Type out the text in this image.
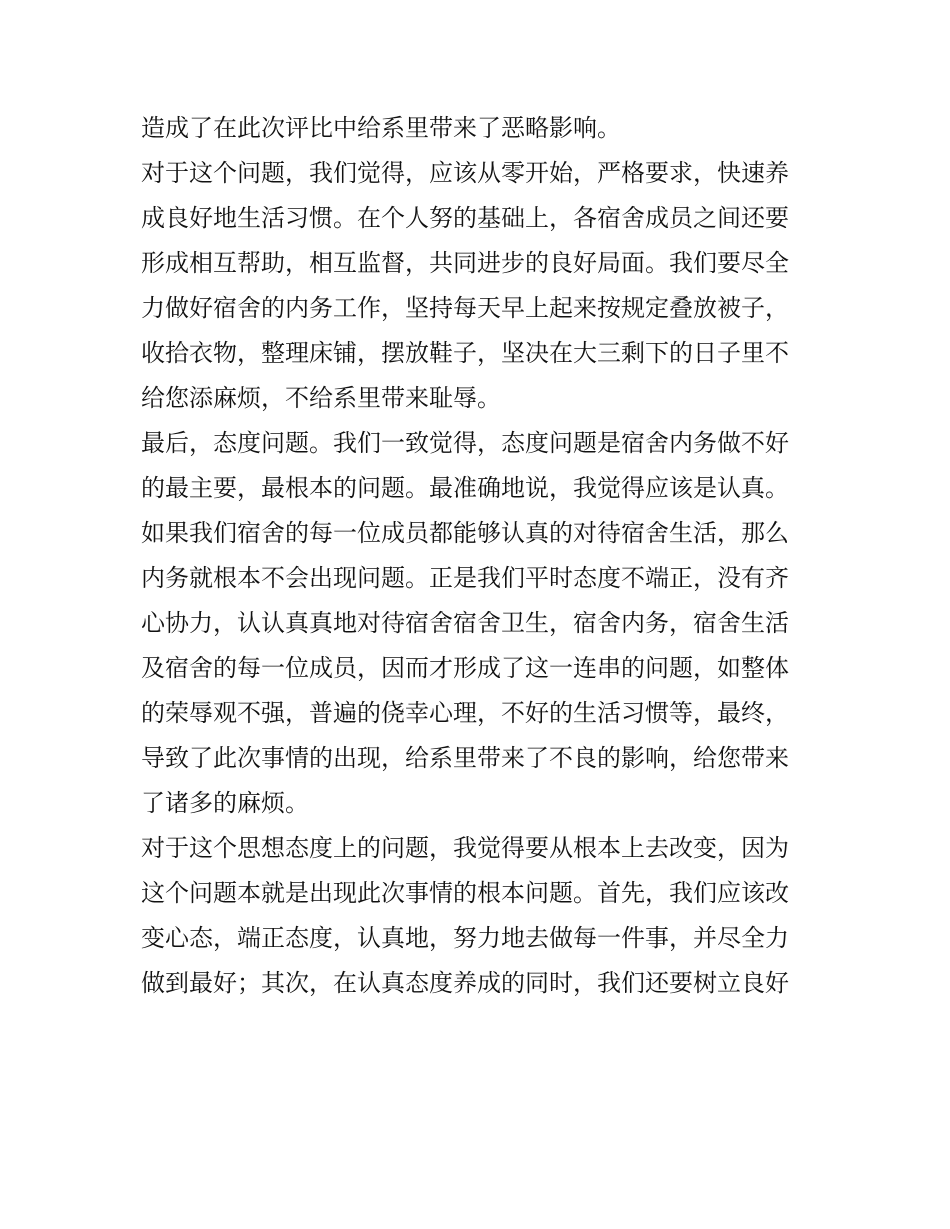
造成了在此次评比中给系里带来了恶略影响。
对于这个问题，我们觉得，应该从零开始，严格要求，快速养
成良好地生活习惯。在个人努的基础上，各宿舍成员之间还要
形成相互帮助，相互监督，共同进步的良好局面。我们要尽全
力做好宿舍的内务工作，坚持每天早上起来按规定叠放被子，
收拾衣物，整理床铺，摆放鞋子，坚决在大三剩下的日子里不
给您添麻烦，不给系里带来耻辱。
最后，态度问题。我们一致觉得，态度问题是宿舍内务做不好
的最主要，最根本的问题。最准确地说，我觉得应该是认真。
如果我们宿舍的每一位成员都能够认真的对待宿舍生活，那么
内务就根本不会出现问题。正是我们平时态度不端正，没有齐
心协力，认认真真地对待宿舍宿舍卫生，宿舍内务，宿舍生活
及宿舍的每一位成员，因而才形成了这一连串的问题，如整体
的荣辱观不强，普遍的侥幸心理，不好的生活习惯等，最终，
导致了此次事情的出现，给系里带来了不良的影响，给您带来
了诸多的麻烦。
对于这个思想态度上的问题，我觉得要从根本上去改变，因为
这个问题本就是出现此次事情的根本问题。首先，我们应该改
变心态，端正态度，认真地，努力地去做每一件事，并尽全力
做到最好；其次，在认真态度养成的同时，我们还要树立良好
